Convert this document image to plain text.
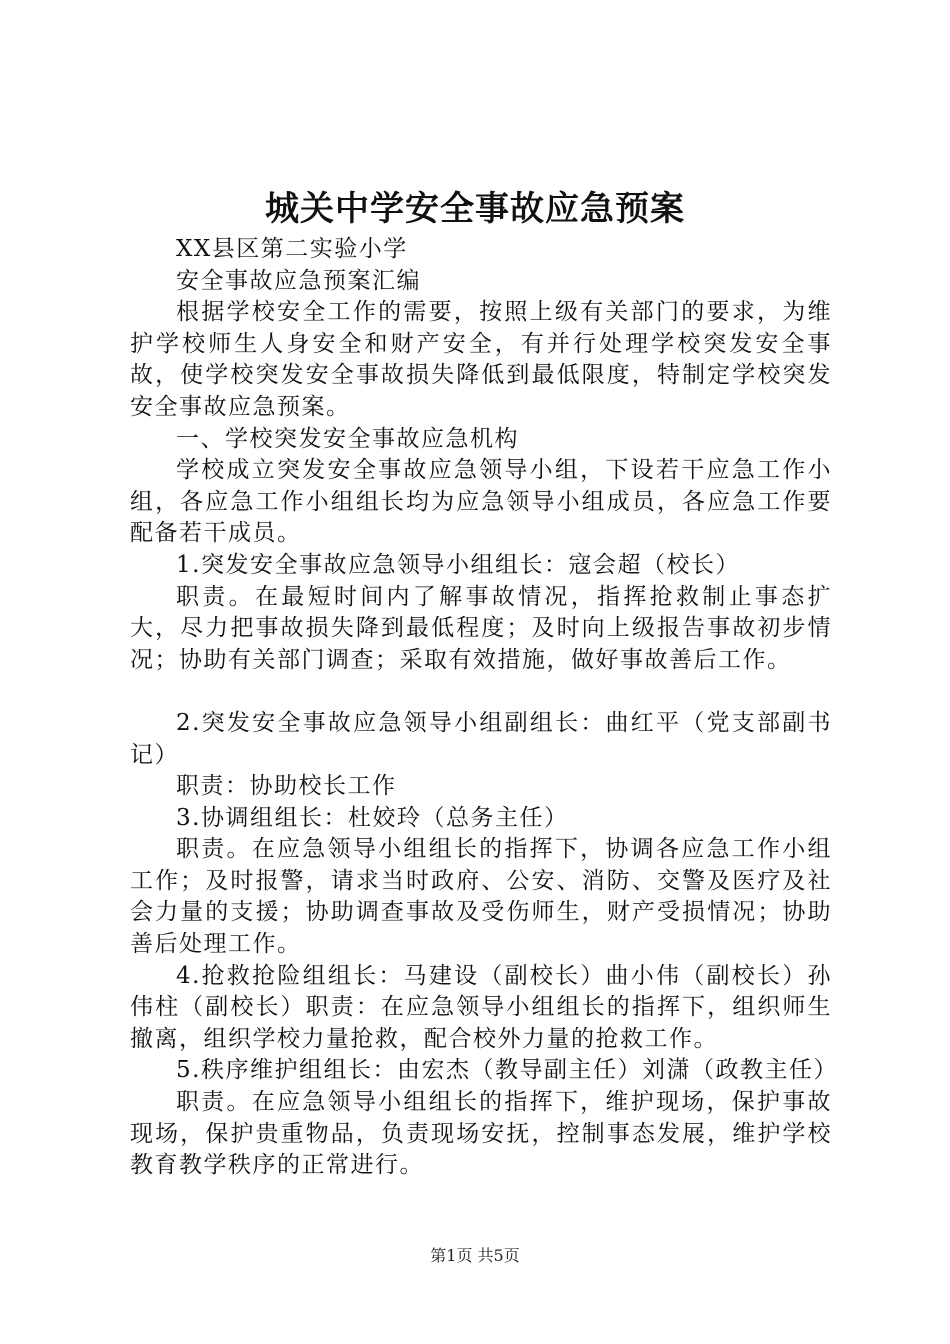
城关中学安全事故应急预案

XX县区第二实验小学

安全事故应急预案汇编

根据学校安全工作的需要，按照上级有关部门的要求，为维护学校师生人身安全和财产安全，有并行处理学校突发安全事故，使学校突发安全事故损失降低到最低限度，特制定学校突发安全事故应急预案。

一、学校突发安全事故应急机构

学校成立突发安全事故应急领导小组，下设若干应急工作小组，各应急工作小组组长均为应急领导小组成员，各应急工作要配备若干成员。

1.突发安全事故应急领导小组组长：寇会超（校长）

职责。在最短时间内了解事故情况，指挥抢救制止事态扩大，尽力把事故损失降到最低程度；及时向上级报告事故初步情况；协助有关部门调查；采取有效措施，做好事故善后工作。

2.突发安全事故应急领导小组副组长：曲红平（党支部副书记）

职责：协助校长工作

3.协调组组长：杜姣玲（总务主任）

职责。在应急领导小组组长的指挥下，协调各应急工作小组工作；及时报警，请求当时政府、公安、消防、交警及医疗及社会力量的支援；协助调查事故及受伤师生，财产受损情况；协助善后处理工作。

4.抢救抢险组组长：马建设（副校长）曲小伟（副校长）孙伟柱（副校长）职责：在应急领导小组组长的指挥下，组织师生撤离，组织学校力量抢救，配合校外力量的抢救工作。

5.秩序维护组组长：由宏杰（教导副主任）刘潇（政教主任）

职责。在应急领导小组组长的指挥下，维护现场，保护事故现场，保护贵重物品，负责现场安抚，控制事态发展，维护学校教育教学秩序的正常进行。

第1页 共5页
